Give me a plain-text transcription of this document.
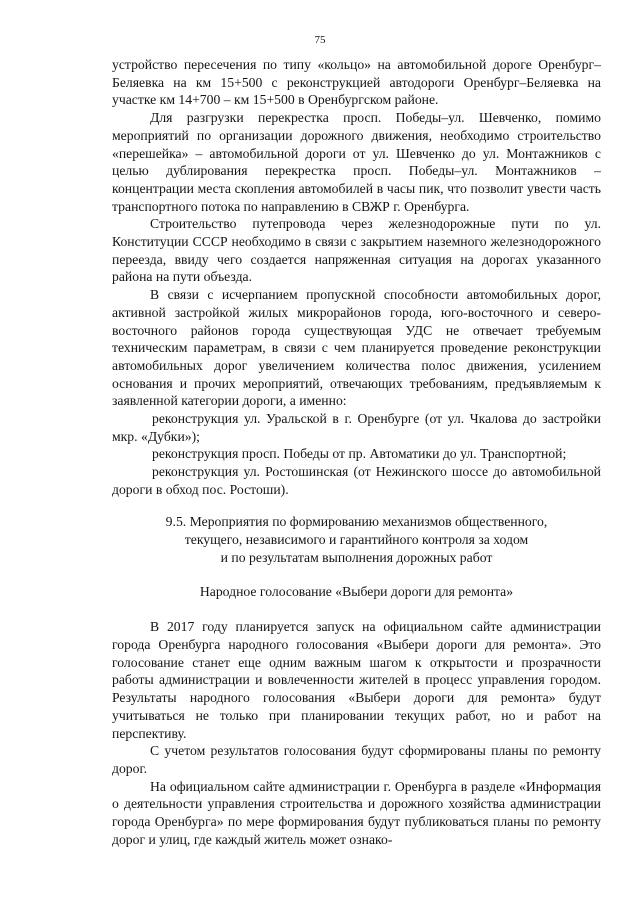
75

устройство пересечения по типу «кольцо» на автомобильной дороге Оренбург–Беляевка на км 15+500 с реконструкцией автодороги Оренбург–Беляевка на участке км 14+700 – км 15+500 в Оренбургском районе.

Для разгрузки перекрестка просп. Победы–ул. Шевченко, помимо мероприятий по организации дорожного движения, необходимо строительство «перешейка» – автомобильной дороги от ул. Шевченко до ул. Монтажников с целью дублирования перекрестка просп. Победы–ул. Монтажников – концентрации места скопления автомобилей в часы пик, что позволит увести часть транспортного потока по направлению в СВЖР г. Оренбурга.

Строительство путепровода через железнодорожные пути по ул. Конституции СССР необходимо в связи с закрытием наземного железнодорожного переезда, ввиду чего создается напряженная ситуация на дорогах указанного района на пути объезда.

В связи с исчерпанием пропускной способности автомобильных дорог, активной застройкой жилых микрорайонов города, юго-восточного и северо-восточного районов города существующая УДС не отвечает требуемым техническим параметрам, в связи с чем планируется проведение реконструкции автомобильных дорог увеличением количества полос движения, усилением основания и прочих мероприятий, отвечающих требованиям, предъявляемым к заявленной категории дороги, а именно:

реконструкция ул. Уральской в г. Оренбурге (от ул. Чкалова до застройки мкр. «Дубки»);

реконструкция просп. Победы от пр. Автоматики до ул. Транспортной;

реконструкция ул. Ростошинская (от Нежинского шоссе до автомобильной дороги в обход пос. Ростоши).

9.5. Мероприятия по формированию механизмов общественного,
текущего, независимого и гарантийного контроля за ходом
и по результатам выполнения дорожных работ
Народное голосование «Выбери дороги для ремонта»

В 2017 году планируется запуск на официальном сайте администрации города Оренбурга народного голосования «Выбери дороги для ремонта». Это голосование станет еще одним важным шагом к открытости и прозрачности работы администрации и вовлеченности жителей в процесс управления городом. Результаты народного голосования «Выбери дороги для ремонта» будут учитываться не только при планировании текущих работ, но и работ на перспективу.

С учетом результатов голосования будут сформированы планы по ремонту дорог.

На официальном сайте администрации г. Оренбурга в разделе «Информация о деятельности управления строительства и дорожного хозяйства администрации города Оренбурга» по мере формирования будут публиковаться планы по ремонту дорог и улиц, где каждый житель может ознако-
